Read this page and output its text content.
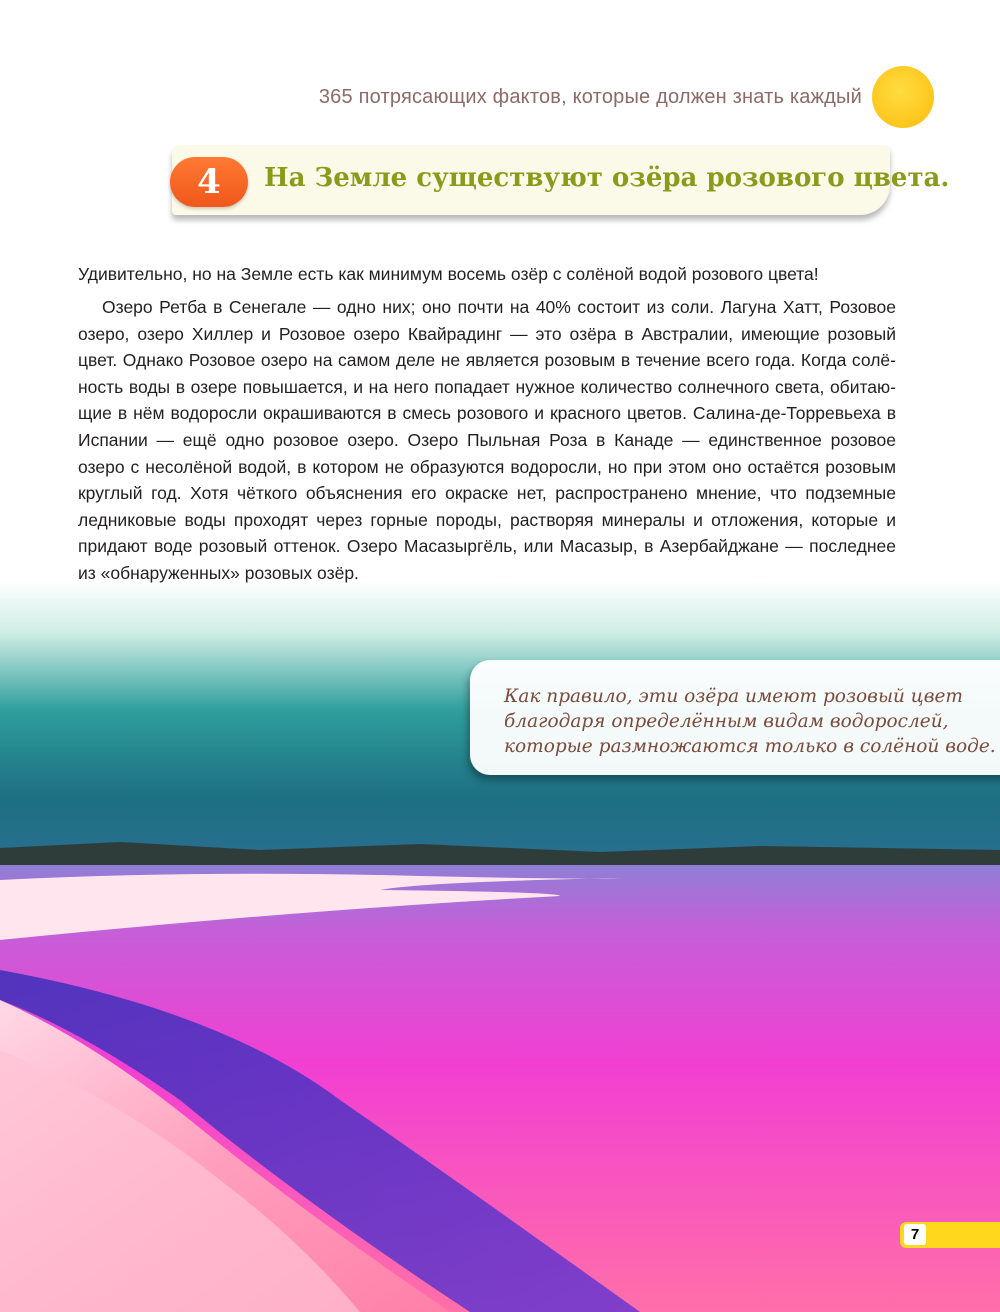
365 потрясающих фактов, которые должен знать каждый
На Земле существуют озёра розового цвета.
4
Удивительно, но на Земле есть как минимум восемь озёр с солёной водой розового цвета!

Озеро Ретба в Сенегале — одно них; оно почти на 40% состоит из соли. Лагуна Хатт, Розовое озеро, озеро Хиллер и Розовое озеро Квайрадинг — это озёра в Австралии, имеющие розовый цвет. Однако Розовое озеро на самом деле не является розовым в течение всего года. Когда солёность воды в озере повышается, и на него попадает нужное количество солнечного света, обитающие в нём водоросли окрашиваются в смесь розового и красного цветов. Салина-де-Торревьеха в Испании — ещё одно розовое озеро. Озеро Пыльная Роза в Канаде — единственное розовое озеро с несолёной водой, в котором не образуются водоросли, но при этом оно остаётся розовым круглый год. Хотя чёткого объяснения его окраске нет, распространено мнение, что подземные ледниковые воды проходят через горные породы, растворяя минералы и отложения, которые и придают воде розовый оттенок. Озеро Масазыргёль, или Масазыр, в Азербайджане — последнее из «обнаруженных» розовых озёр.

Как правило, эти озёра имеют розовый цвет
благодаря определённым видам водорослей,
которые размножаются только в солёной воде.

7
